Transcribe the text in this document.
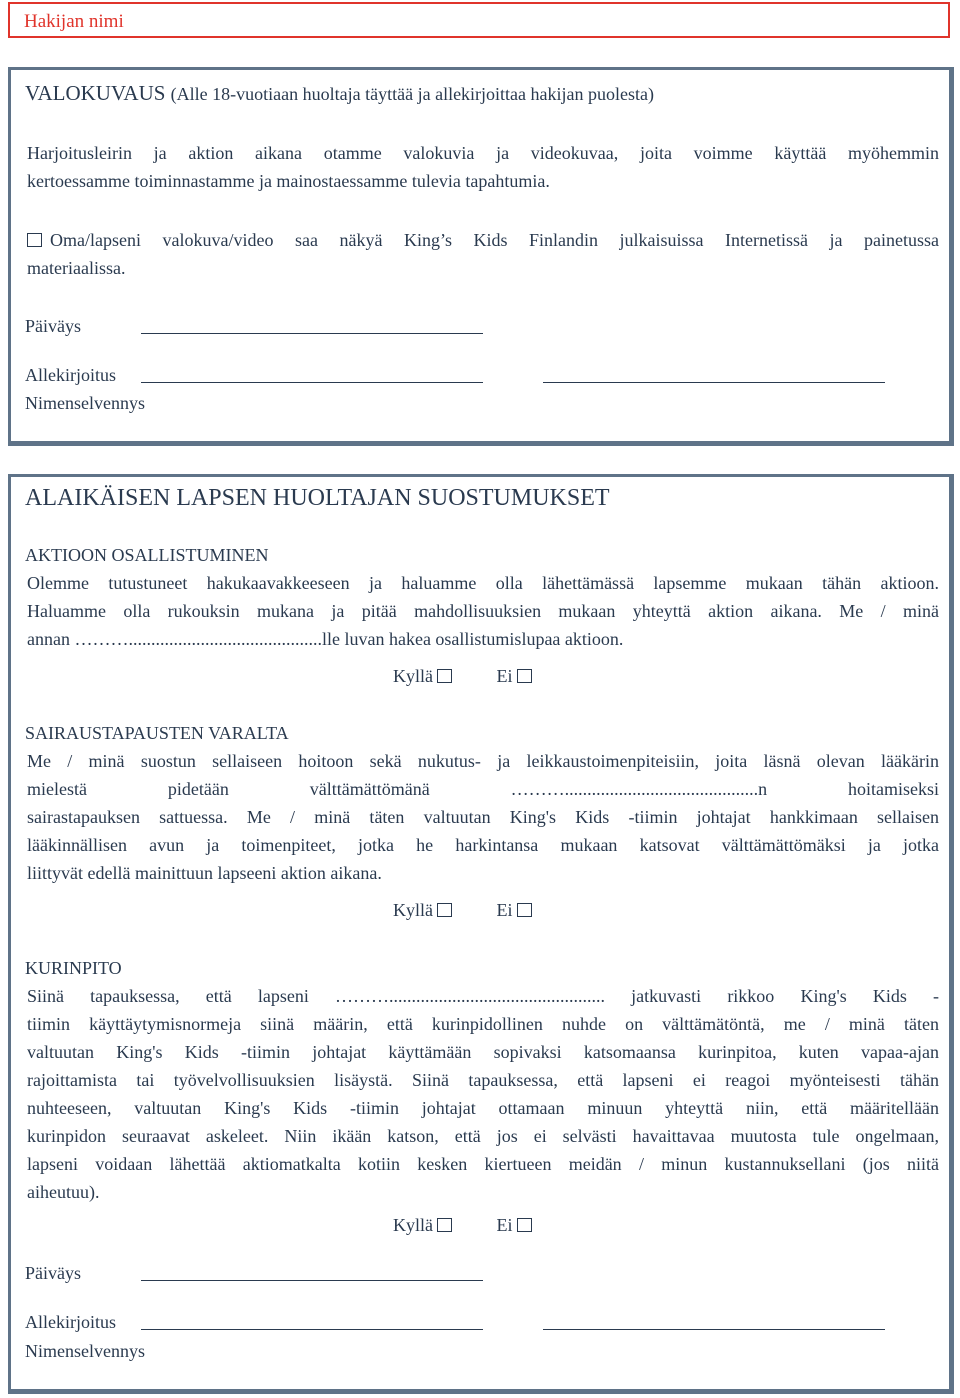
Hakijan nimi
VALOKUVAUS (Alle 18-vuotiaan huoltaja täyttää ja allekirjoittaa hakijan puolesta)
Harjoitusleirin ja aktion aikana otamme valokuvia ja videokuvaa, joita voimme käyttää myöhemmin
kertoessamme toiminnastamme ja mainostaessamme tulevia tapahtumia.
Oma/lapseni valokuva/video saa näkyä King’s Kids Finlandin julkaisuissa Internetissä ja painetussa
materiaalissa.
Päiväys
Allekirjoitus
Nimenselvennys
ALAIKÄISEN LAPSEN HUOLTAJAN SUOSTUMUKSET
AKTIOON OSALLISTUMINEN
Olemme tutustuneet hakukaavakkeeseen ja haluamme olla lähettämässä lapsemme mukaan tähän aktioon.
Haluamme olla rukouksin mukana ja pitää mahdollisuuksien mukaan yhteyttä aktion aikana. Me / minä
annan ………...........................................lle luvan hakea osallistumislupaa aktioon.
Kyllä	Ei
SAIRAUSTAPAUSTEN VARALTA
Me / minä suostun sellaiseen hoitoon sekä nukutus- ja leikkaustoimenpiteisiin, joita läsnä olevan lääkärin
mielestä pidetään välttämättömänä ………...........................................n hoitamiseksi
sairastapauksen sattuessa. Me / minä täten valtuutan King's Kids -tiimin johtajat hankkimaan sellaisen
lääkinnällisen avun ja toimenpiteet, jotka he harkintansa mukaan katsovat välttämättömäksi ja jotka
liittyvät edellä mainittuun lapseeni aktion aikana.
Kyllä	Ei
KURINPITO
Siinä tapauksessa, että lapseni ………................................................ jatkuvasti rikkoo King's Kids -
tiimin käyttäytymisnormeja siinä määrin, että kurinpidollinen nuhde on välttämätöntä, me / minä täten
valtuutan King's Kids -tiimin johtajat käyttämään sopivaksi katsomaansa kurinpitoa, kuten vapaa-ajan
rajoittamista tai työvelvollisuuksien lisäystä. Siinä tapauksessa, että lapseni ei reagoi myönteisesti tähän
nuhteeseen, valtuutan King's Kids -tiimin johtajat ottamaan minuun yhteyttä niin, että määritellään
kurinpidon seuraavat askeleet. Niin ikään katson, että jos ei selvästi havaittavaa muutosta tule ongelmaan,
lapseni voidaan lähettää aktiomatkalta kotiin kesken kiertueen meidän / minun kustannuksellani (jos niitä
aiheutuu).
Kyllä	Ei
Päiväys
Allekirjoitus
Nimenselvennys
